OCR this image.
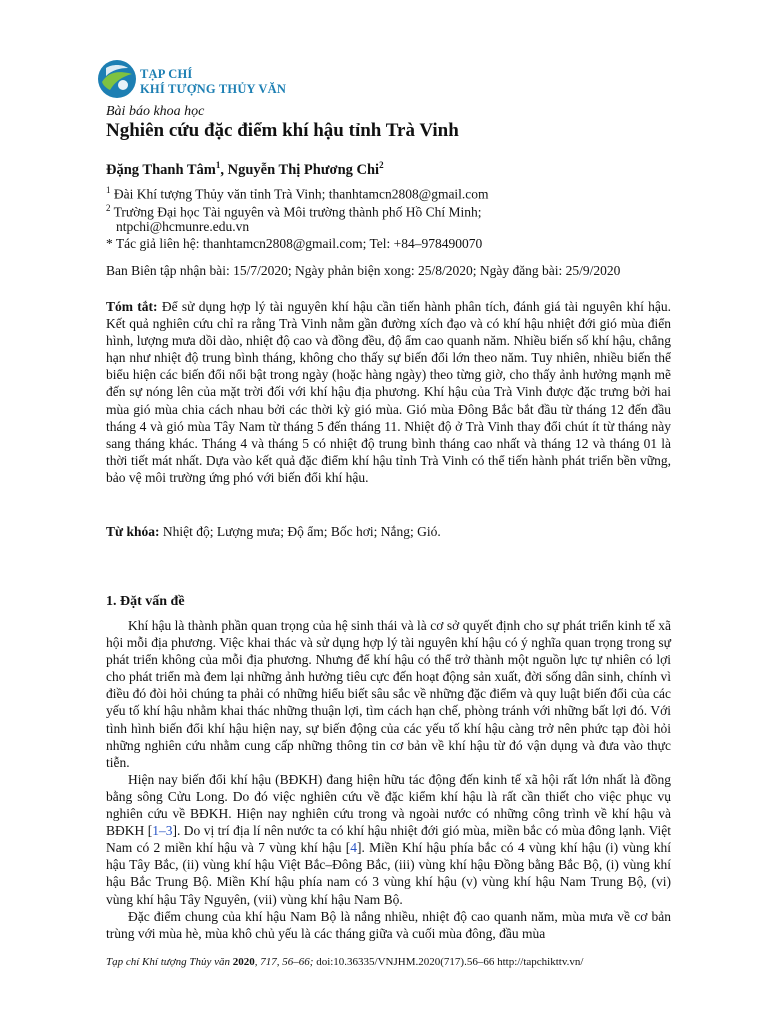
TẠP CHÍ
KHÍ TƯỢNG THỦY VĂN
Bài báo khoa học
Nghiên cứu đặc điểm khí hậu tỉnh Trà Vinh
Đặng Thanh Tâm$^1$, Nguyễn Thị Phương Chi$^2$
$^1$ Đài Khí tượng Thủy văn tỉnh Trà Vinh; thanhtamcn2808@gmail.com
$^2$ Trường Đại học Tài nguyên và Môi trường thành phố Hồ Chí Minh;
ntpchi@hcmunre.edu.vn
* Tác giả liên hệ: thanhtamcn2808@gmail.com; Tel: +84–978490070
Ban Biên tập nhận bài: 15/7/2020; Ngày phản biện xong: 25/8/2020; Ngày đăng bài: 25/9/2020
Tóm tắt: Để sử dụng hợp lý tài nguyên khí hậu cần tiến hành phân tích, đánh giá tài nguyên khí hậu. Kết quả nghiên cứu chỉ ra rằng Trà Vinh nằm gần đường xích đạo và có khí hậu nhiệt đới gió mùa điển hình, lượng mưa dồi dào, nhiệt độ cao và đồng đều, độ ẩm cao quanh năm. Nhiều biến số khí hậu, chẳng hạn như nhiệt độ trung bình tháng, không cho thấy sự biến đổi lớn theo năm. Tuy nhiên, nhiều biến thể biểu hiện các biến đổi nổi bật trong ngày (hoặc hàng ngày) theo từng giờ, cho thấy ảnh hưởng mạnh mẽ đến sự nóng lên của mặt trời đối với khí hậu địa phương. Khí hậu của Trà Vinh được đặc trưng bởi hai mùa gió mùa chia cách nhau bởi các thời kỳ gió mùa. Gió mùa Đông Bắc bắt đầu từ tháng 12 đến đầu tháng 4 và gió mùa Tây Nam từ tháng 5 đến tháng 11. Nhiệt độ ở Trà Vinh thay đổi chút ít từ tháng này sang tháng khác. Tháng 4 và tháng 5 có nhiệt độ trung bình tháng cao nhất và tháng 12 và tháng 01 là thời tiết mát nhất. Dựa vào kết quả đặc điểm khí hậu tỉnh Trà Vinh có thể tiến hành phát triển bền vững, bảo vệ môi trường ứng phó với biến đổi khí hậu.
Từ khóa: Nhiệt độ; Lượng mưa; Độ ẩm; Bốc hơi; Nắng; Gió.
1. Đặt vấn đề

Khí hậu là thành phần quan trọng của hệ sinh thái và là cơ sở quyết định cho sự phát triển kinh tế xã hội mỗi địa phương. Việc khai thác và sử dụng hợp lý tài nguyên khí hậu có ý nghĩa quan trọng trong sự phát triển không của mỗi địa phương. Nhưng để khí hậu có thể trở thành một nguồn lực tự nhiên có lợi cho phát triển mà đem lại những ảnh hưởng tiêu cực đến hoạt động sản xuất, đời sống dân sinh, chính vì điều đó đòi hỏi chúng ta phải có những hiểu biết sâu sắc về những đặc điểm và quy luật biến đổi của các yếu tố khí hậu nhằm khai thác những thuận lợi, tìm cách hạn chế, phòng tránh với những bất lợi đó. Với tình hình biến đổi khí hậu hiện nay, sự biến động của các yếu tố khí hậu càng trở nên phức tạp đòi hỏi những nghiên cứu nhằm cung cấp những thông tin cơ bản về khí hậu từ đó vận dụng và đưa vào thực tiễn.

Hiện nay biến đổi khí hậu (BĐKH) đang hiện hữu tác động đến kinh tế xã hội rất lớn nhất là đồng bằng sông Cửu Long. Do đó việc nghiên cứu về đặc kiểm khí hậu là rất cần thiết cho việc phục vụ nghiên cứu về BĐKH. Hiện nay nghiên cứu trong và ngoài nước có những công trình về khí hậu và BĐKH [1–3]. Do vị trí địa lí nên nước ta có khí hậu nhiệt đới gió mùa, miền bắc có mùa đông lạnh. Việt Nam có 2 miền khí hậu và 7 vùng khí hậu [4]. Miền Khí hậu phía bắc có 4 vùng khí hậu (i) vùng khí hậu Tây Bắc, (ii) vùng khí hậu Việt Bắc–Đông Bắc, (iii) vùng khí hậu Đồng bằng Bắc Bộ, (i) vùng khí hậu Bắc Trung Bộ. Miền Khí hậu phía nam có 3 vùng khí hậu (v) vùng khí hậu Nam Trung Bộ, (vi) vùng khí hậu Tây Nguyên, (vii) vùng khí hậu Nam Bộ.

Đặc điểm chung của khí hậu Nam Bộ là nắng nhiều, nhiệt độ cao quanh năm, mùa mưa về cơ bản trùng với mùa hè, mùa khô chủ yếu là các tháng giữa và cuối mùa đông, đầu mùa

Tạp chí Khí tượng Thủy văn 2020, 717, 56–66; doi:10.36335/VNJHM.2020(717).56–66 http://tapchikttv.vn/
